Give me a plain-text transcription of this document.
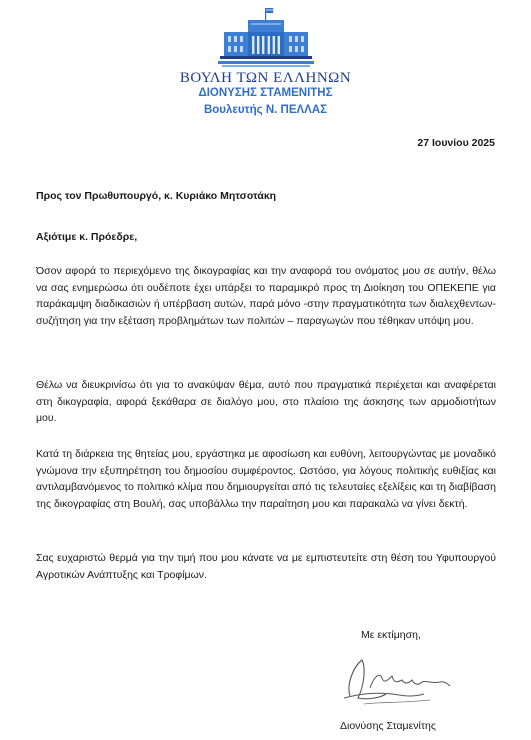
ΒΟΥΛΗ ΤΩΝ ΕΛΛΗΝΩΝ
ΔΙΟΝΥΣΗΣ ΣΤΑΜΕΝΙΤΗΣ
Βουλευτής Ν. ΠΕΛΛΑΣ
27 Ιουνίου 2025
Προς τον Πρωθυπουργό, κ. Κυριάκο Μητσοτάκη
Αξιότιμε κ. Πρόεδρε,

Όσον αφορά το περιεχόμενο της δικογραφίας και την αναφορά του ονόματος μου σε αυτήν, θέλω να σας ενημερώσω ότι ουδέποτε έχει υπάρξει το παραμικρό προς τη Διοίκηση του ΟΠΕΚΕΠΕ για παράκαμψη διαδικασιών ή υπέρβαση αυτών, παρά μόνο -στην πραγματικότητα των διαλεχθεντων- συζήτηση για την εξέταση προβλημάτων των πολιτών – παραγωγών που τέθηκαν υπόψη μου.

Θέλω να διευκρινίσω ότι για το ανακύψαν θέμα, αυτό που πραγματικά περιέχεται και αναφέρεται στη δικογραφία, αφορά ξεκάθαρα σε διαλόγο μου, στο πλαίσιο της άσκησης των αρμοδιοτήτων μου.

Κατά τη διάρκεια της θητείας μου, εργάστηκα με αφοσίωση και ευθύνη, λειτουργώντας με μοναδικό γνώμονα την εξυπηρέτηση του δημοσίου συμφέροντος. Ωστόσο, για λόγους πολιτικής ευθιξίας και αντιλαμβανόμενος το πολιτικό κλίμα που δημιουργείται από τις τελευταίες εξελίξεις και τη διαβίβαση της δικογραφίας στη Βουλή, σας υποβάλλω την παραίτηση μου και παρακαλώ να γίνει δεκτή.

Σας ευχαριστώ θερμά για την τιμή που μου κάνατε να με εμπιστευτείτε στη θέση του Υφυπουργού Αγροτικών Ανάπτυξης και Τροφίμων.

Με εκτίμηση,
Διονύσης Σταμενίτης
